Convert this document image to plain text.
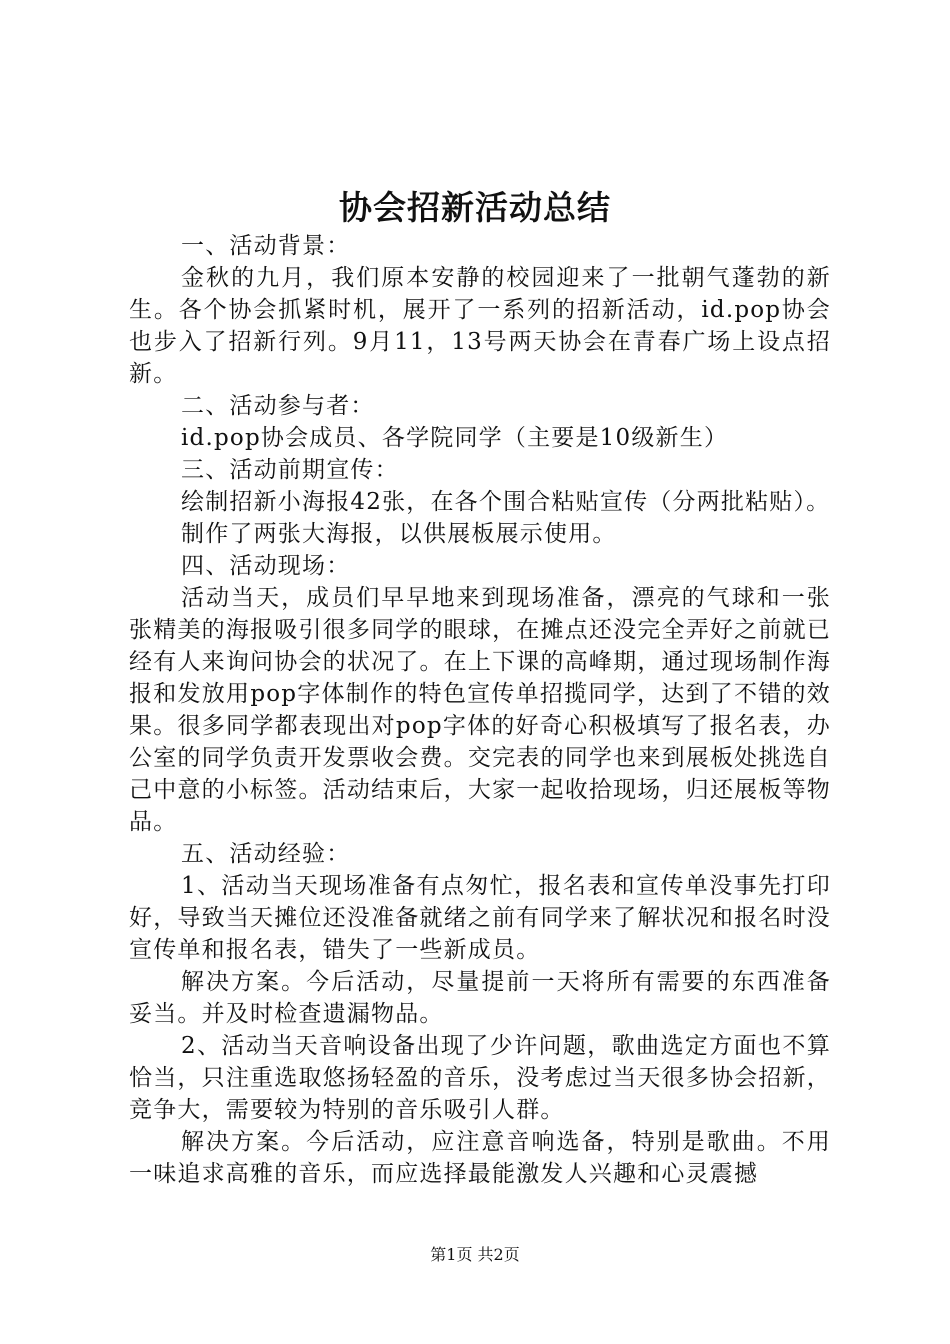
协会招新活动总结

一、活动背景：

金秋的九月，我们原本安静的校园迎来了一批朝气蓬勃的新生。各个协会抓紧时机，展开了一系列的招新活动，id.pop协会也步入了招新行列。9月11，13号两天协会在青春广场上设点招新。

二、活动参与者：

id.pop协会成员、各学院同学（主要是10级新生）

三、活动前期宣传：

绘制招新小海报42张，在各个围合粘贴宣传（分两批粘贴）。

制作了两张大海报，以供展板展示使用。

四、活动现场：

活动当天，成员们早早地来到现场准备，漂亮的气球和一张张精美的海报吸引很多同学的眼球，在摊点还没完全弄好之前就已经有人来询问协会的状况了。在上下课的高峰期，通过现场制作海报和发放用pop字体制作的特色宣传单招揽同学，达到了不错的效果。很多同学都表现出对pop字体的好奇心积极填写了报名表，办公室的同学负责开发票收会费。交完表的同学也来到展板处挑选自己中意的小标签。活动结束后，大家一起收拾现场，归还展板等物品。

五、活动经验：

1、活动当天现场准备有点匆忙，报名表和宣传单没事先打印好，导致当天摊位还没准备就绪之前有同学来了解状况和报名时没宣传单和报名表，错失了一些新成员。

解决方案。今后活动，尽量提前一天将所有需要的东西准备妥当。并及时检查遗漏物品。

2、活动当天音响设备出现了少许问题，歌曲选定方面也不算恰当，只注重选取悠扬轻盈的音乐，没考虑过当天很多协会招新，竞争大，需要较为特别的音乐吸引人群。

解决方案。今后活动，应注意音响选备，特别是歌曲。不用一味追求高雅的音乐，而应选择最能激发人兴趣和心灵震撼

第1页 共2页
